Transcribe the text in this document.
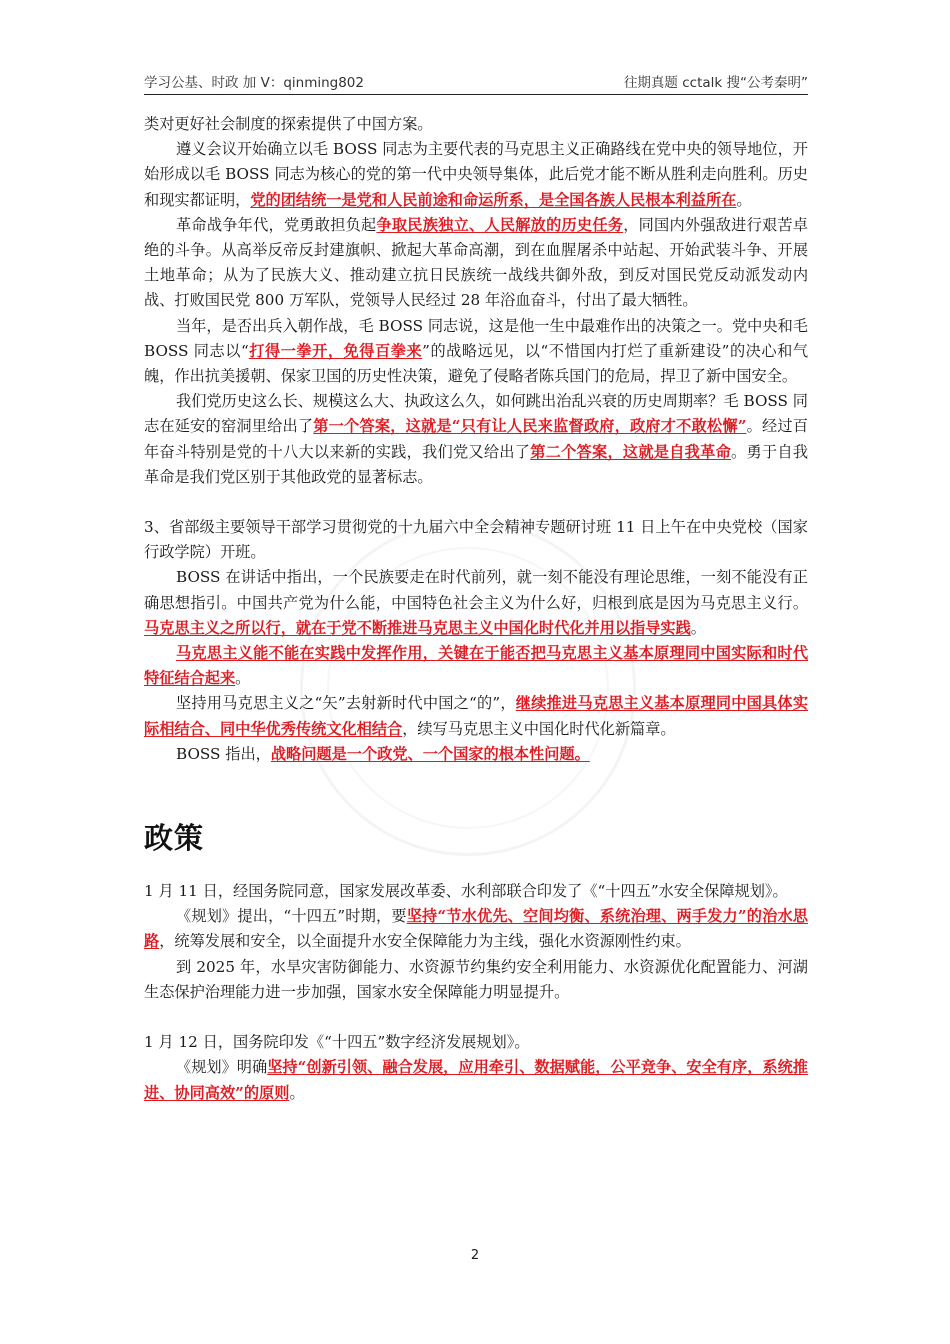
学习公基、时政 加 V：qinming802	往期真题 cctalk 搜“公考秦明”

类对更好社会制度的探索提供了中国方案。

遵义会议开始确立以毛 BOSS 同志为主要代表的马克思主义正确路线在党中央的领导地位，开始形成以毛 BOSS 同志为核心的党的第一代中央领导集体，此后党才能不断从胜利走向胜利。历史和现实都证明，党的团结统一是党和人民前途和命运所系，是全国各族人民根本利益所在。

革命战争年代，党勇敢担负起争取民族独立、人民解放的历史任务，同国内外强敌进行艰苦卓绝的斗争。从高举反帝反封建旗帜、掀起大革命高潮，到在血腥屠杀中站起、开始武装斗争、开展土地革命；从为了民族大义、推动建立抗日民族统一战线共御外敌，到反对国民党反动派发动内战、打败国民党 800 万军队，党领导人民经过 28 年浴血奋斗，付出了最大牺牲。

当年，是否出兵入朝作战，毛 BOSS 同志说，这是他一生中最难作出的决策之一。党中央和毛 BOSS 同志以“打得一拳开，免得百拳来”的战略远见，以“不惜国内打烂了重新建设”的决心和气魄，作出抗美援朝、保家卫国的历史性决策，避免了侵略者陈兵国门的危局，捍卫了新中国安全。

我们党历史这么长、规模这么大、执政这么久，如何跳出治乱兴衰的历史周期率？毛 BOSS 同志在延安的窑洞里给出了第一个答案，这就是“只有让人民来监督政府，政府才不敢松懈”。经过百年奋斗特别是党的十八大以来新的实践，我们党又给出了第二个答案，这就是自我革命。勇于自我革命是我们党区别于其他政党的显著标志。

3、省部级主要领导干部学习贯彻党的十九届六中全会精神专题研讨班 11 日上午在中央党校（国家行政学院）开班。

BOSS 在讲话中指出，一个民族要走在时代前列，就一刻不能没有理论思维，一刻不能没有正确思想指引。中国共产党为什么能，中国特色社会主义为什么好，归根到底是因为马克思主义行。马克思主义之所以行，就在于党不断推进马克思主义中国化时代化并用以指导实践。

马克思主义能不能在实践中发挥作用，关键在于能否把马克思主义基本原理同中国实际和时代特征结合起来。

坚持用马克思主义之“矢”去射新时代中国之“的”，继续推进马克思主义基本原理同中国具体实际相结合、同中华优秀传统文化相结合，续写马克思主义中国化时代化新篇章。

BOSS 指出，战略问题是一个政党、一个国家的根本性问题。

政策

1 月 11 日，经国务院同意，国家发展改革委、水利部联合印发了《“十四五”水安全保障规划》。

《规划》提出，“十四五”时期，要坚持“节水优先、空间均衡、系统治理、两手发力”的治水思路，统筹发展和安全，以全面提升水安全保障能力为主线，强化水资源刚性约束。

到 2025 年，水旱灾害防御能力、水资源节约集约安全利用能力、水资源优化配置能力、河湖生态保护治理能力进一步加强，国家水安全保障能力明显提升。

1 月 12 日，国务院印发《“十四五”数字经济发展规划》。

《规划》明确坚持“创新引领、融合发展，应用牵引、数据赋能，公平竞争、安全有序，系统推进、协同高效”的原则。

2
